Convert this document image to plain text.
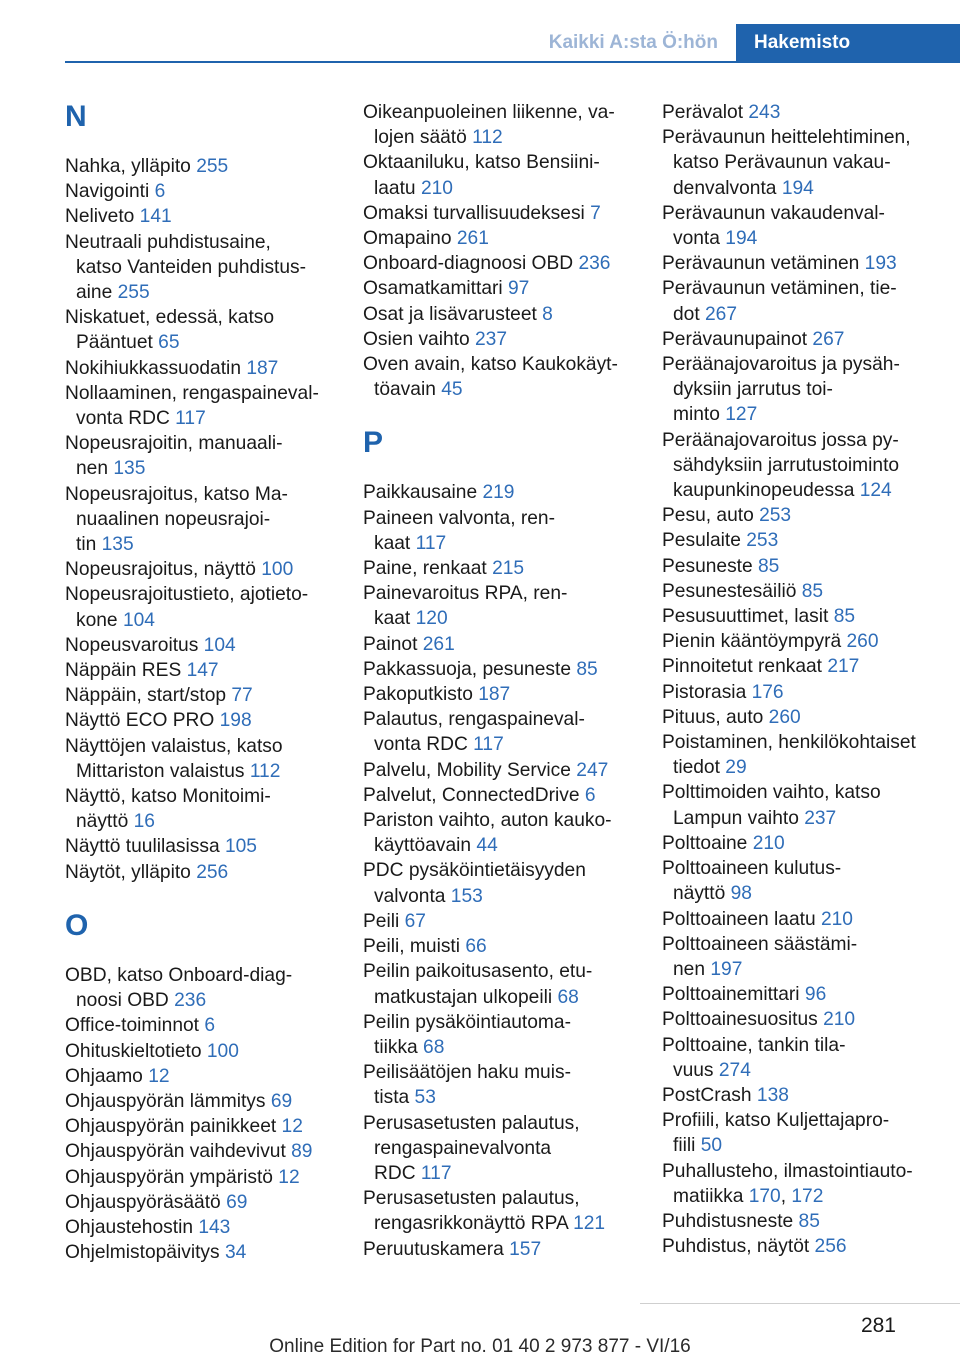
Kaikki A:sta Ö:hön	Hakemisto
N
Nahka, ylläpito 255
Navigointi 6
Neliveto 141
Neutraali puhdistusaine,
katso Vanteiden puhdistus-
aine 255
Niskatuet, edessä, katso
Pääntuet 65
Nokihiukkassuodatin 187
Nollaaminen, rengaspaineval-
vonta RDC 117
Nopeusrajoitin, manuaali-
nen 135
Nopeusrajoitus, katso Ma-
nuaalinen nopeusrajoi-
tin 135
Nopeusrajoitus, näyttö 100
Nopeusrajoitustieto, ajotieto-
kone 104
Nopeusvaroitus 104
Näppäin RES 147
Näppäin, start/stop 77
Näyttö ECO PRO 198
Näyttöjen valaistus, katso
Mittariston valaistus 112
Näyttö, katso Monitoimi-
näyttö 16
Näyttö tuulilasissa 105
Näytöt, ylläpito 256
O
OBD, katso Onboard-diag-
noosi OBD 236
Office-toiminnot 6
Ohituskieltotieto 100
Ohjaamo 12
Ohjauspyörän lämmitys 69
Ohjauspyörän painikkeet 12
Ohjauspyörän vaihdevivut 89
Ohjauspyörän ympäristö 12
Ohjauspyöräsäätö 69
Ohjaustehostin 143
Ohjelmistopäivitys 34
Oikeanpuoleinen liikenne, va-
lojen säätö 112
Oktaaniluku, katso Bensiini-
laatu 210
Omaksi turvallisuudeksesi 7
Omapaino 261
Onboard-diagnoosi OBD 236
Osamatkamittari 97
Osat ja lisävarusteet 8
Osien vaihto 237
Oven avain, katso Kaukokäyt-
töavain 45
P
Paikkausaine 219
Paineen valvonta, ren-
kaat 117
Paine, renkaat 215
Painevaroitus RPA, ren-
kaat 120
Painot 261
Pakkassuoja, pesuneste 85
Pakoputkisto 187
Palautus, rengaspaineval-
vonta RDC 117
Palvelu, Mobility Service 247
Palvelut, ConnectedDrive 6
Pariston vaihto, auton kauko-
käyttöavain 44
PDC pysäköintietäisyyden
valvonta 153
Peili 67
Peili, muisti 66
Peilin paikoitusasento, etu-
matkustajan ulkopeili 68
Peilin pysäköintiautoma-
tiikka 68
Peilisäätöjen haku muis-
tista 53
Perusasetusten palautus,
rengaspainevalvonta
RDC 117
Perusasetusten palautus,
rengasrikkonäyttö RPA 121
Peruutuskamera 157
Perävalot 243
Perävaunun heittelehtiminen,
katso Perävaunun vakau-
denvalvonta 194
Perävaunun vakaudenval-
vonta 194
Perävaunun vetäminen 193
Perävaunun vetäminen, tie-
dot 267
Perävaunupainot 267
Peräänajovaroitus ja pysäh-
dyksiin jarrutus toi-
minto 127
Peräänajovaroitus jossa py-
sähdyksiin jarrutustoiminto
kaupunkinopeudessa 124
Pesu, auto 253
Pesulaite 253
Pesuneste 85
Pesunestesäiliö 85
Pesusuuttimet, lasit 85
Pienin kääntöympyrä 260
Pinnoitetut renkaat 217
Pistorasia 176
Pituus, auto 260
Poistaminen, henkilökohtaiset
tiedot 29
Polttimoiden vaihto, katso
Lampun vaihto 237
Polttoaine 210
Polttoaineen kulutus-
näyttö 98
Polttoaineen laatu 210
Polttoaineen säästämi-
nen 197
Polttoainemittari 96
Polttoainesuositus 210
Polttoaine, tankin tila-
vuus 274
PostCrash 138
Profiili, katso Kuljettajapro-
fiili 50
Puhallusteho, ilmastointiauto-
matiikka 170, 172
Puhdistusneste 85
Puhdistus, näytöt 256
281
Online Edition for Part no. 01 40 2 973 877 - VI/16
